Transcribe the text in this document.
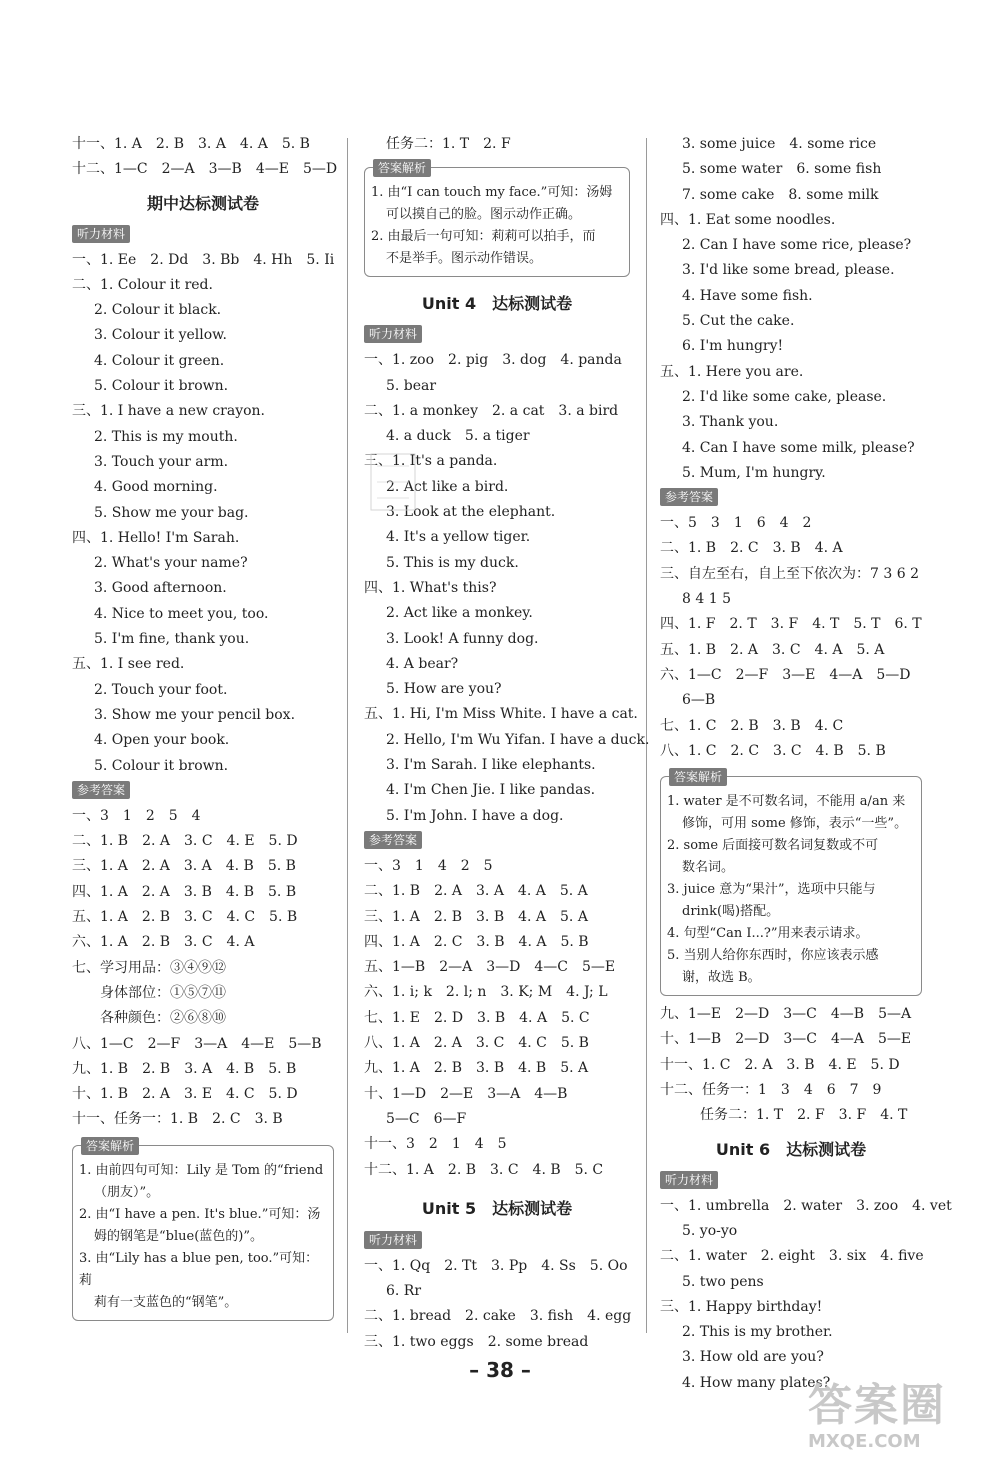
十一、1. A　2. B　3. A　4. A　5. B
十二、1—C　2—A　3—B　4—E　5—D
期中达标测试卷
听力材料
一、1. Ee　2. Dd　3. Bb　4. Hh　5. Ii
二、1. Colour it red.
2. Colour it black.
3. Colour it yellow.
4. Colour it green.
5. Colour it brown.
三、1. I have a new crayon.
2. This is my mouth.
3. Touch your arm.
4. Good morning.
5. Show me your bag.
四、1. Hello! I'm Sarah.
2. What's your name?
3. Good afternoon.
4. Nice to meet you, too.
5. I'm fine, thank you.
五、1. I see red.
2. Touch your foot.
3. Show me your pencil box.
4. Open your book.
5. Colour it brown.
参考答案
一、3　1　2　5　4
二、1. B　2. A　3. C　4. E　5. D
三、1. A　2. A　3. A　4. B　5. B
四、1. A　2. A　3. B　4. B　5. B
五、1. A　2. B　3. C　4. C　5. B
六、1. A　2. B　3. C　4. A
七、学习用品：③④⑨⑫
身体部位：①⑤⑦⑪
各种颜色：②⑥⑧⑩
八、1—C　2—F　3—A　4—E　5—B
九、1. B　2. B　3. A　4. B　5. B
十、1. B　2. A　3. E　4. C　5. D
十一、任务一：1. B　2. C　3. B
答案解析
1. 由前四句可知：Lily 是 Tom 的“friend
（朋友）”。
2. 由“I have a pen. It's blue.”可知：汤
姆的钢笔是“blue(蓝色的)”。
3. 由“Lily has a blue pen, too.”可知：莉
莉有一支蓝色的“钢笔”。
任务二：1. T　2. F
答案解析
1. 由“I can touch my face.”可知：汤姆
可以摸自己的脸。图示动作正确。
2. 由最后一句可知：莉莉可以拍手，而
不是举手。图示动作错误。
Unit 4　达标测试卷
听力材料
一、1. zoo　2. pig　3. dog　4. panda
5. bear
二、1. a monkey　2. a cat　3. a bird
4. a duck　5. a tiger
三、1. It's a panda.
2. Act like a bird.
3. Look at the elephant.
4. It's a yellow tiger.
5. This is my duck.
四、1. What's this?
2. Act like a monkey.
3. Look! A funny dog.
4. A bear?
5. How are you?
五、1. Hi, I'm Miss White. I have a cat.
2. Hello, I'm Wu Yifan. I have a duck.
3. I'm Sarah. I like elephants.
4. I'm Chen Jie. I like pandas.
5. I'm John. I have a dog.
参考答案
一、3　1　4　2　5
二、1. B　2. A　3. A　4. A　5. A
三、1. A　2. B　3. B　4. A　5. A
四、1. A　2. C　3. B　4. A　5. B
五、1—B　2—A　3—D　4—C　5—E
六、1. i; k　2. l; n　3. K; M　4. J; L
七、1. E　2. D　3. B　4. A　5. C
八、1. A　2. A　3. C　4. C　5. B
九、1. A　2. B　3. B　4. B　5. A
十、1—D　2—E　3—A　4—B
5—C　6—F
十一、3　2　1　4　5
十二、1. A　2. B　3. C　4. B　5. C
Unit 5　达标测试卷
听力材料
一、1. Qq　2. Tt　3. Pp　4. Ss　5. Oo
6. Rr
二、1. bread　2. cake　3. fish　4. egg
三、1. two eggs　2. some bread
3. some juice　4. some rice
5. some water　6. some fish
7. some cake　8. some milk
四、1. Eat some noodles.
2. Can I have some rice, please?
3. I'd like some bread, please.
4. Have some fish.
5. Cut the cake.
6. I'm hungry!
五、1. Here you are.
2. I'd like some cake, please.
3. Thank you.
4. Can I have some milk, please?
5. Mum, I'm hungry.
参考答案
一、5　3　1　6　4　2
二、1. B　2. C　3. B　4. A
三、自左至右，自上至下依次为：7 3 6 2
8 4 1 5
四、1. F　2. T　3. F　4. T　5. T　6. T
五、1. B　2. A　3. C　4. A　5. A
六、1—C　2—F　3—E　4—A　5—D
6—B
七、1. C　2. B　3. B　4. C
八、1. C　2. C　3. C　4. B　5. B
答案解析
1. water 是不可数名词，不能用 a/an 来
修饰，可用 some 修饰，表示“一些”。
2. some 后面接可数名词复数或不可
数名词。
3. juice 意为“果汁”，选项中只能与
drink(喝)搭配。
4. 句型“Can I...?”用来表示请求。
5. 当别人给你东西时，你应该表示感
谢，故选 B。
九、1—E　2—D　3—C　4—B　5—A
十、1—B　2—D　3—C　4—A　5—E
十一、1. C　2. A　3. B　4. E　5. D
十二、任务一：1　3　4　6　7　9
任务二：1. T　2. F　3. F　4. T
Unit 6　达标测试卷
听力材料
一、1. umbrella　2. water　3. zoo　4. vet
5. yo-yo
二、1. water　2. eight　3. six　4. five
5. two pens
三、1. Happy birthday!
2. This is my brother.
3. How old are you?
4. How many plates?
– 38 –
答案圈
MXQE.COM
